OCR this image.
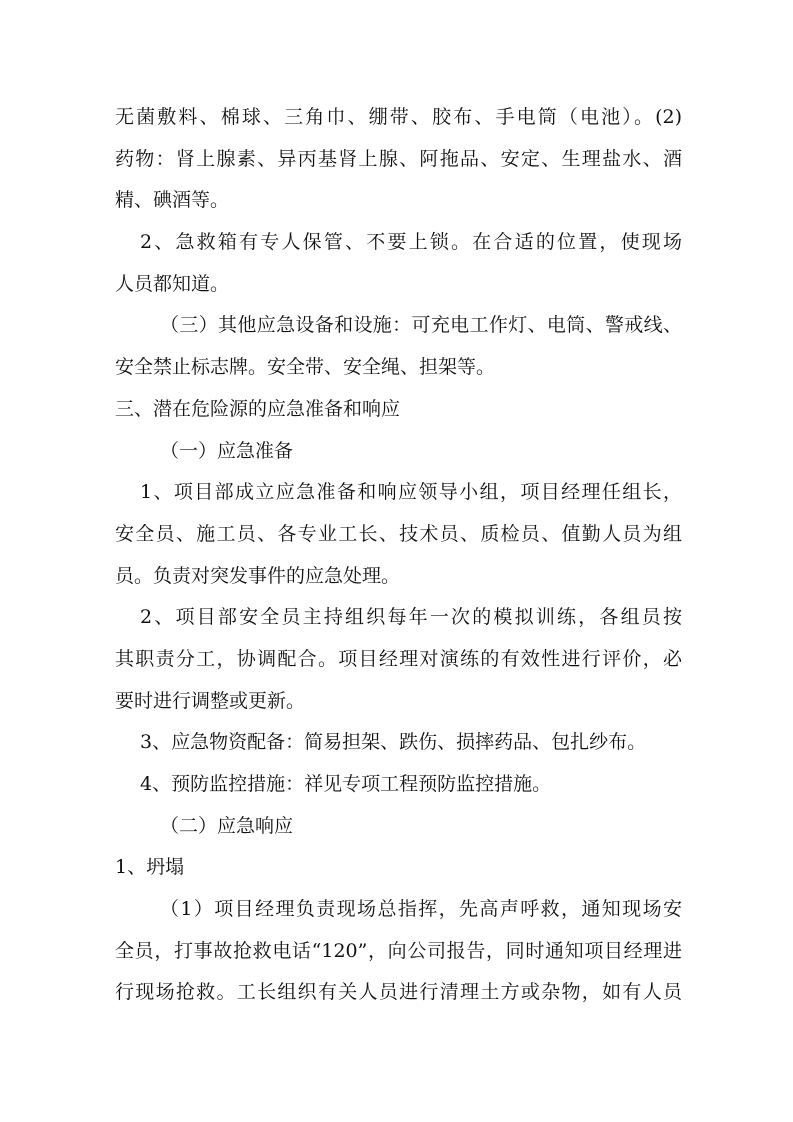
无菌敷料、棉球、三角巾、绷带、胶布、手电筒（电池）。(2)
药物：肾上腺素、异丙基肾上腺、阿拖品、安定、生理盐水、酒
精、碘酒等。
2、急救箱有专人保管、不要上锁。在合适的位置，使现场
人员都知道。
（三）其他应急设备和设施：可充电工作灯、电筒、警戒线、
安全禁止标志牌。安全带、安全绳、担架等。
三、潜在危险源的应急准备和响应
（一）应急准备
1、项目部成立应急准备和响应领导小组，项目经理任组长，
安全员、施工员、各专业工长、技术员、质检员、值勤人员为组
员。负责对突发事件的应急处理。
2、项目部安全员主持组织每年一次的模拟训练，各组员按
其职责分工，协调配合。项目经理对演练的有效性进行评价，必
要时进行调整或更新。
3、应急物资配备：简易担架、跌伤、损摔药品、包扎纱布。
4、预防监控措施：祥见专项工程预防监控措施。
（二）应急响应
1、坍塌
（1）项目经理负责现场总指挥，先高声呼救，通知现场安
全员，打事故抢救电话“120”，向公司报告，同时通知项目经理进
行现场抢救。工长组织有关人员进行清理土方或杂物，如有人员
